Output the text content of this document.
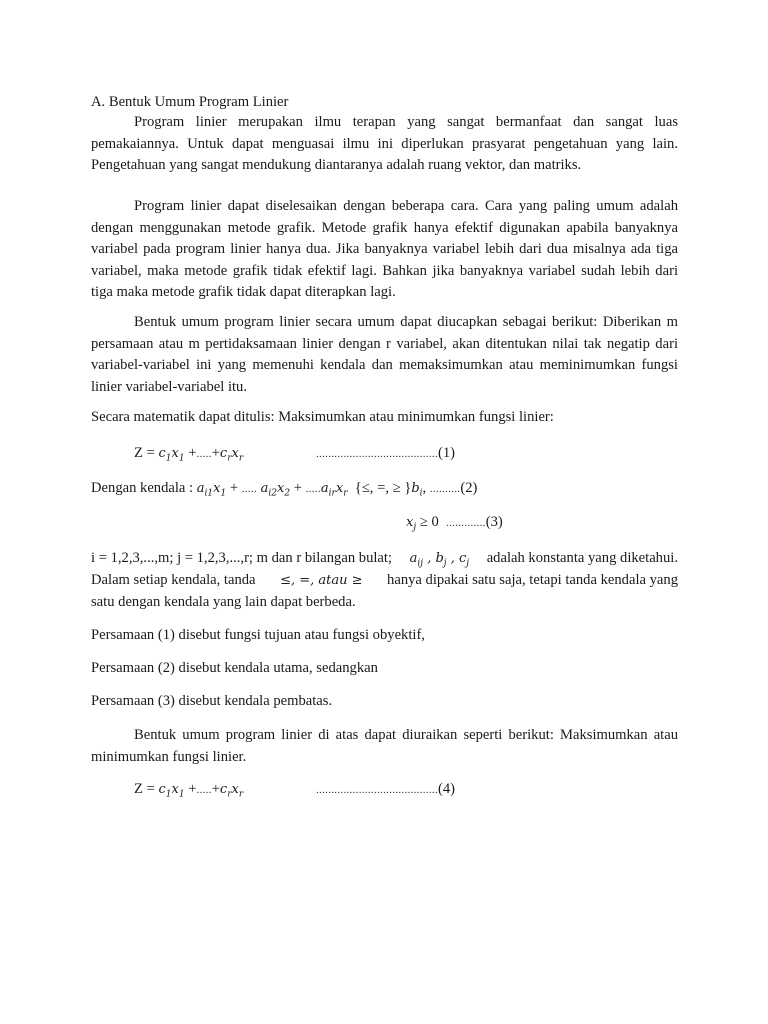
A. Bentuk Umum Program Linier

Program linier merupakan ilmu terapan yang sangat bermanfaat dan sangat luas pemakaiannya. Untuk dapat menguasai ilmu ini diperlukan prasyarat pengetahuan yang lain. Pengetahuan yang sangat mendukung diantaranya adalah ruang vektor, dan matriks.

Program linier dapat diselesaikan dengan beberapa cara. Cara yang paling umum adalah dengan menggunakan metode grafik. Metode grafik hanya efektif digunakan apabila banyaknya variabel pada program linier hanya dua. Jika banyaknya variabel lebih dari dua misalnya ada tiga variabel, maka metode grafik tidak efektif lagi. Bahkan jika banyaknya variabel sudah lebih dari tiga maka metode grafik tidak dapat diterapkan lagi.

Bentuk umum program linier secara umum dapat diucapkan sebagai berikut: Diberikan m persamaan atau m pertidaksamaan linier dengan r variabel, akan ditentukan nilai tak negatip dari variabel-variabel ini yang memenuhi kendala dan memaksimumkan atau meminimumkan fungsi linier variabel-variabel itu.

Secara matematik dapat ditulis: Maksimumkan atau minimumkan fungsi linier:

$Z = c_1x_1 +.....+c_rx_r$	........................................(1)
Dengan kendala : $a_{i1}x_1$ + ..... $a_{i2}x_2 + .....a_{ir}x_r$ {≤, =, ≥ }$b_i$, ..........(2)
$x_j \ge 0$ .............(3)
i = 1,2,3,...,m; j = 1,2,3,...,r; m dan r bilangan bulat; $a_{ij}$ , $b_j$ , $c_j$ adalah konstanta yang diketahui.
Dalam setiap kendala, tanda ≤, =, atau ≥ hanya dipakai satu saja, tetapi tanda kendala yang
satu dengan kendala yang lain dapat berbeda.

Persamaan (1) disebut fungsi tujuan atau fungsi obyektif,

Persamaan (2) disebut kendala utama, sedangkan

Persamaan (3) disebut kendala pembatas.

Bentuk umum program linier di atas dapat diuraikan seperti berikut: Maksimumkan atau minimumkan fungsi linier.

$Z = c_1x_1 +.....+c_rx_r$	........................................(4)
